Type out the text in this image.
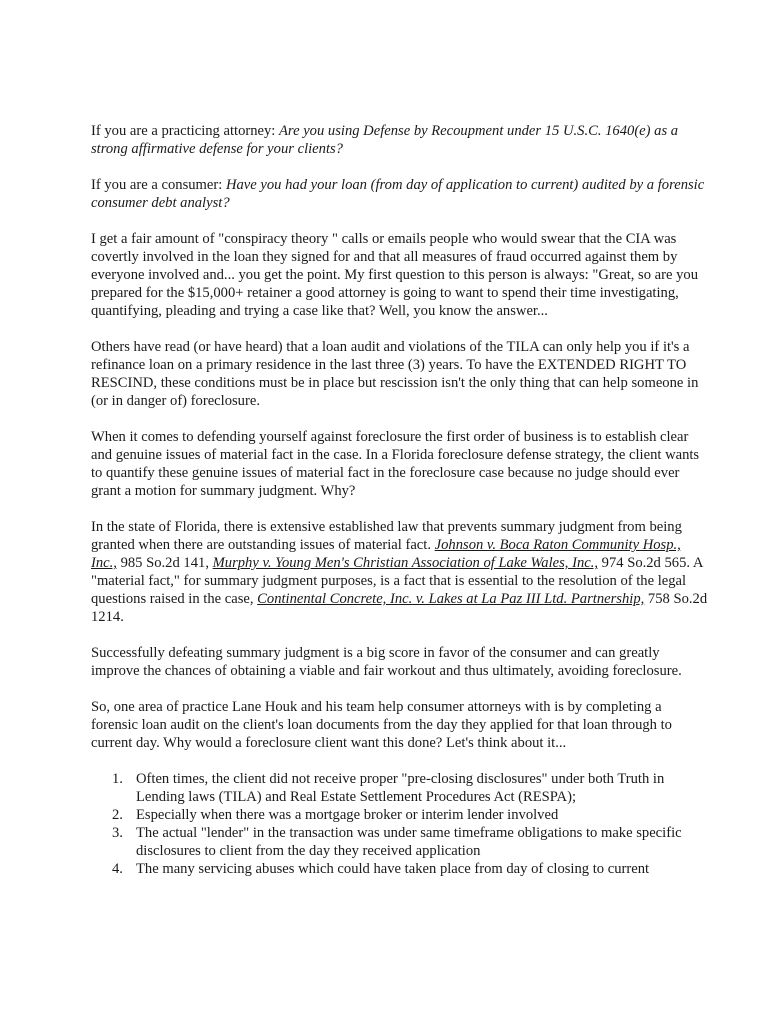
If you are a practicing attorney: Are you using Defense by Recoupment under 15 U.S.C. 1640(e) as a strong affirmative defense for your clients?

If you are a consumer: Have you had your loan (from day of application to current) audited by a forensic consumer debt analyst?

I get a fair amount of "conspiracy theory " calls or emails people who would swear that the CIA was covertly involved in the loan they signed for and that all measures of fraud occurred against them by everyone involved and... you get the point. My first question to this person is always: "Great, so are you prepared for the $15,000+ retainer a good attorney is going to want to spend their time investigating, quantifying, pleading and trying a case like that? Well, you know the answer...

Others have read (or have heard) that a loan audit and violations of the TILA can only help you if it's a refinance loan on a primary residence in the last three (3) years. To have the EXTENDED RIGHT TO RESCIND, these conditions must be in place but rescission isn't the only thing that can help someone in (or in danger of) foreclosure.

When it comes to defending yourself against foreclosure the first order of business is to establish clear and genuine issues of material fact in the case. In a Florida foreclosure defense strategy, the client wants to quantify these genuine issues of material fact in the foreclosure case because no judge should ever grant a motion for summary judgment. Why?

In the state of Florida, there is extensive established law that prevents summary judgment from being granted when there are outstanding issues of material fact. Johnson v. Boca Raton Community Hosp., Inc., 985 So.2d 141, Murphy v. Young Men's Christian Association of Lake Wales, Inc., 974 So.2d 565. A "material fact," for summary judgment purposes, is a fact that is essential to the resolution of the legal questions raised in the case, Continental Concrete, Inc. v. Lakes at La Paz III Ltd. Partnership, 758 So.2d 1214.

Successfully defeating summary judgment is a big score in favor of the consumer and can greatly improve the chances of obtaining a viable and fair workout and thus ultimately, avoiding foreclosure.

So, one area of practice Lane Houk and his team help consumer attorneys with is by completing a forensic loan audit on the client's loan documents from the day they applied for that loan through to current day. Why would a foreclosure client want this done? Let's think about it...

1. Often times, the client did not receive proper "pre-closing disclosures" under both Truth in Lending laws (TILA) and Real Estate Settlement Procedures Act (RESPA);
2. Especially when there was a mortgage broker or interim lender involved
3. The actual "lender" in the transaction was under same timeframe obligations to make specific disclosures to client from the day they received application
4. The many servicing abuses which could have taken place from day of closing to current
